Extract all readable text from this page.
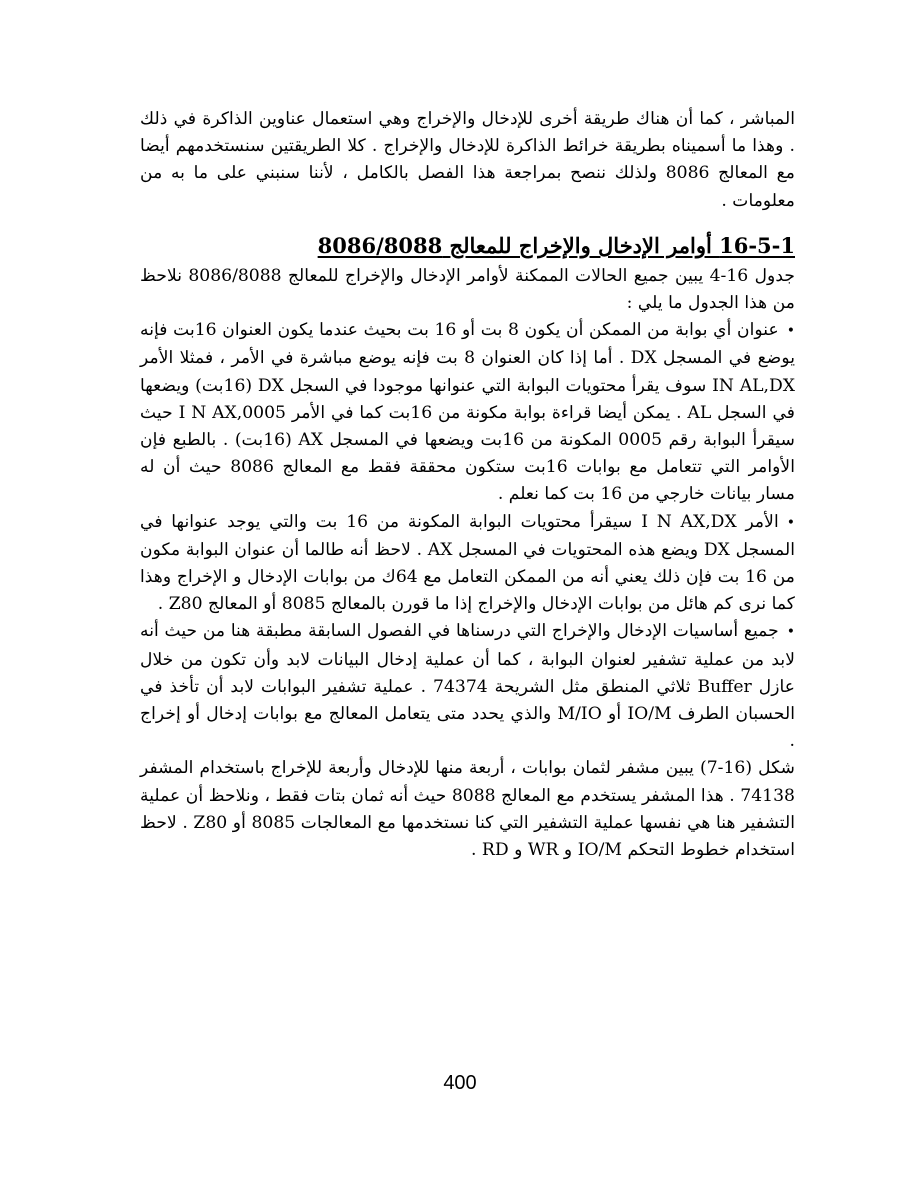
المباشر ، كما أن هناك طريقة أخرى للإدخال والإخراج وهي استعمال عناوين الذاكرة في ذلك . وهذا ما أسميناه بطريقة خرائط الذاكرة للإدخال والإخراج . كلا الطريقتين سنستخدمهم أيضا مع المعالج 8086 ولذلك ننصح بمراجعة هذا الفصل بالكامل ، لأننا سنبني على ما به من معلومات .

16-5-1 أوامر الإدخال والإخراج للمعالج 8086/8088

جدول 16-4 يبين جميع الحالات الممكنة لأوامر الإدخال والإخراج للمعالج 8086/8088 نلاحظ من هذا الجدول ما يلي :

•عنوان أي بوابة من الممكن أن يكون 8 بت أو 16 بت بحيث عندما يكون العنوان 16بت فإنه يوضع في المسجل DX . أما إذا كان العنوان 8 بت فإنه يوضع مباشرة في الأمر ، فمثلا الأمر IN AL,DX سوف يقرأ محتويات البوابة التي عنوانها موجودا في السجل DX (16بت) ويضعها في السجل AL . يمكن أيضا قراءة بوابة مكونة من 16بت كما في الأمر I N AX,0005 حيث سيقرأ البوابة رقم 0005 المكونة من 16بت ويضعها في المسجل AX (16بت) . بالطبع فإن الأوامر التي تتعامل مع بوابات 16بت ستكون محققة فقط مع المعالج 8086 حيث أن له مسار بيانات خارجي من 16 بت كما نعلم .

•الأمر I N AX,DX سيقرأ محتويات البوابة المكونة من 16 بت والتي يوجد عنوانها في المسجل DX ويضع هذه المحتويات في المسجل AX . لاحظ أنه طالما أن عنوان البوابة مكون من 16 بت فإن ذلك يعني أنه من الممكن التعامل مع 64ك من بوابات الإدخال و الإخراج وهذا كما نرى كم هائل من بوابات الإدخال والإخراج إذا ما قورن بالمعالج 8085 أو المعالج Z80 .

•جميع أساسيات الإدخال والإخراج التي درسناها في الفصول السابقة مطبقة هنا من حيث أنه لابد من عملية تشفير لعنوان البوابة ، كما أن عملية إدخال البيانات لابد وأن تكون من خلال عازل Buffer ثلاثي المنطق مثل الشريحة 74374 . عملية تشفير البوابات لابد أن تأخذ في الحسبان الطرف IO/M أو M/IO والذي يحدد متى يتعامل المعالج مع بوابات إدخال أو إخراج .

شكل (16-7) يبين مشفر لثمان بوابات ، أربعة منها للإدخال وأربعة للإخراج باستخدام المشفر 74138 . هذا المشفر يستخدم مع المعالج 8088 حيث أنه ثمان بتات فقط ، ونلاحظ أن عملية التشفير هنا هي نفسها عملية التشفير التي كنا نستخدمها مع المعالجات 8085 أو Z80 . لاحظ استخدام خطوط التحكم IO/M و WR و RD .

400
